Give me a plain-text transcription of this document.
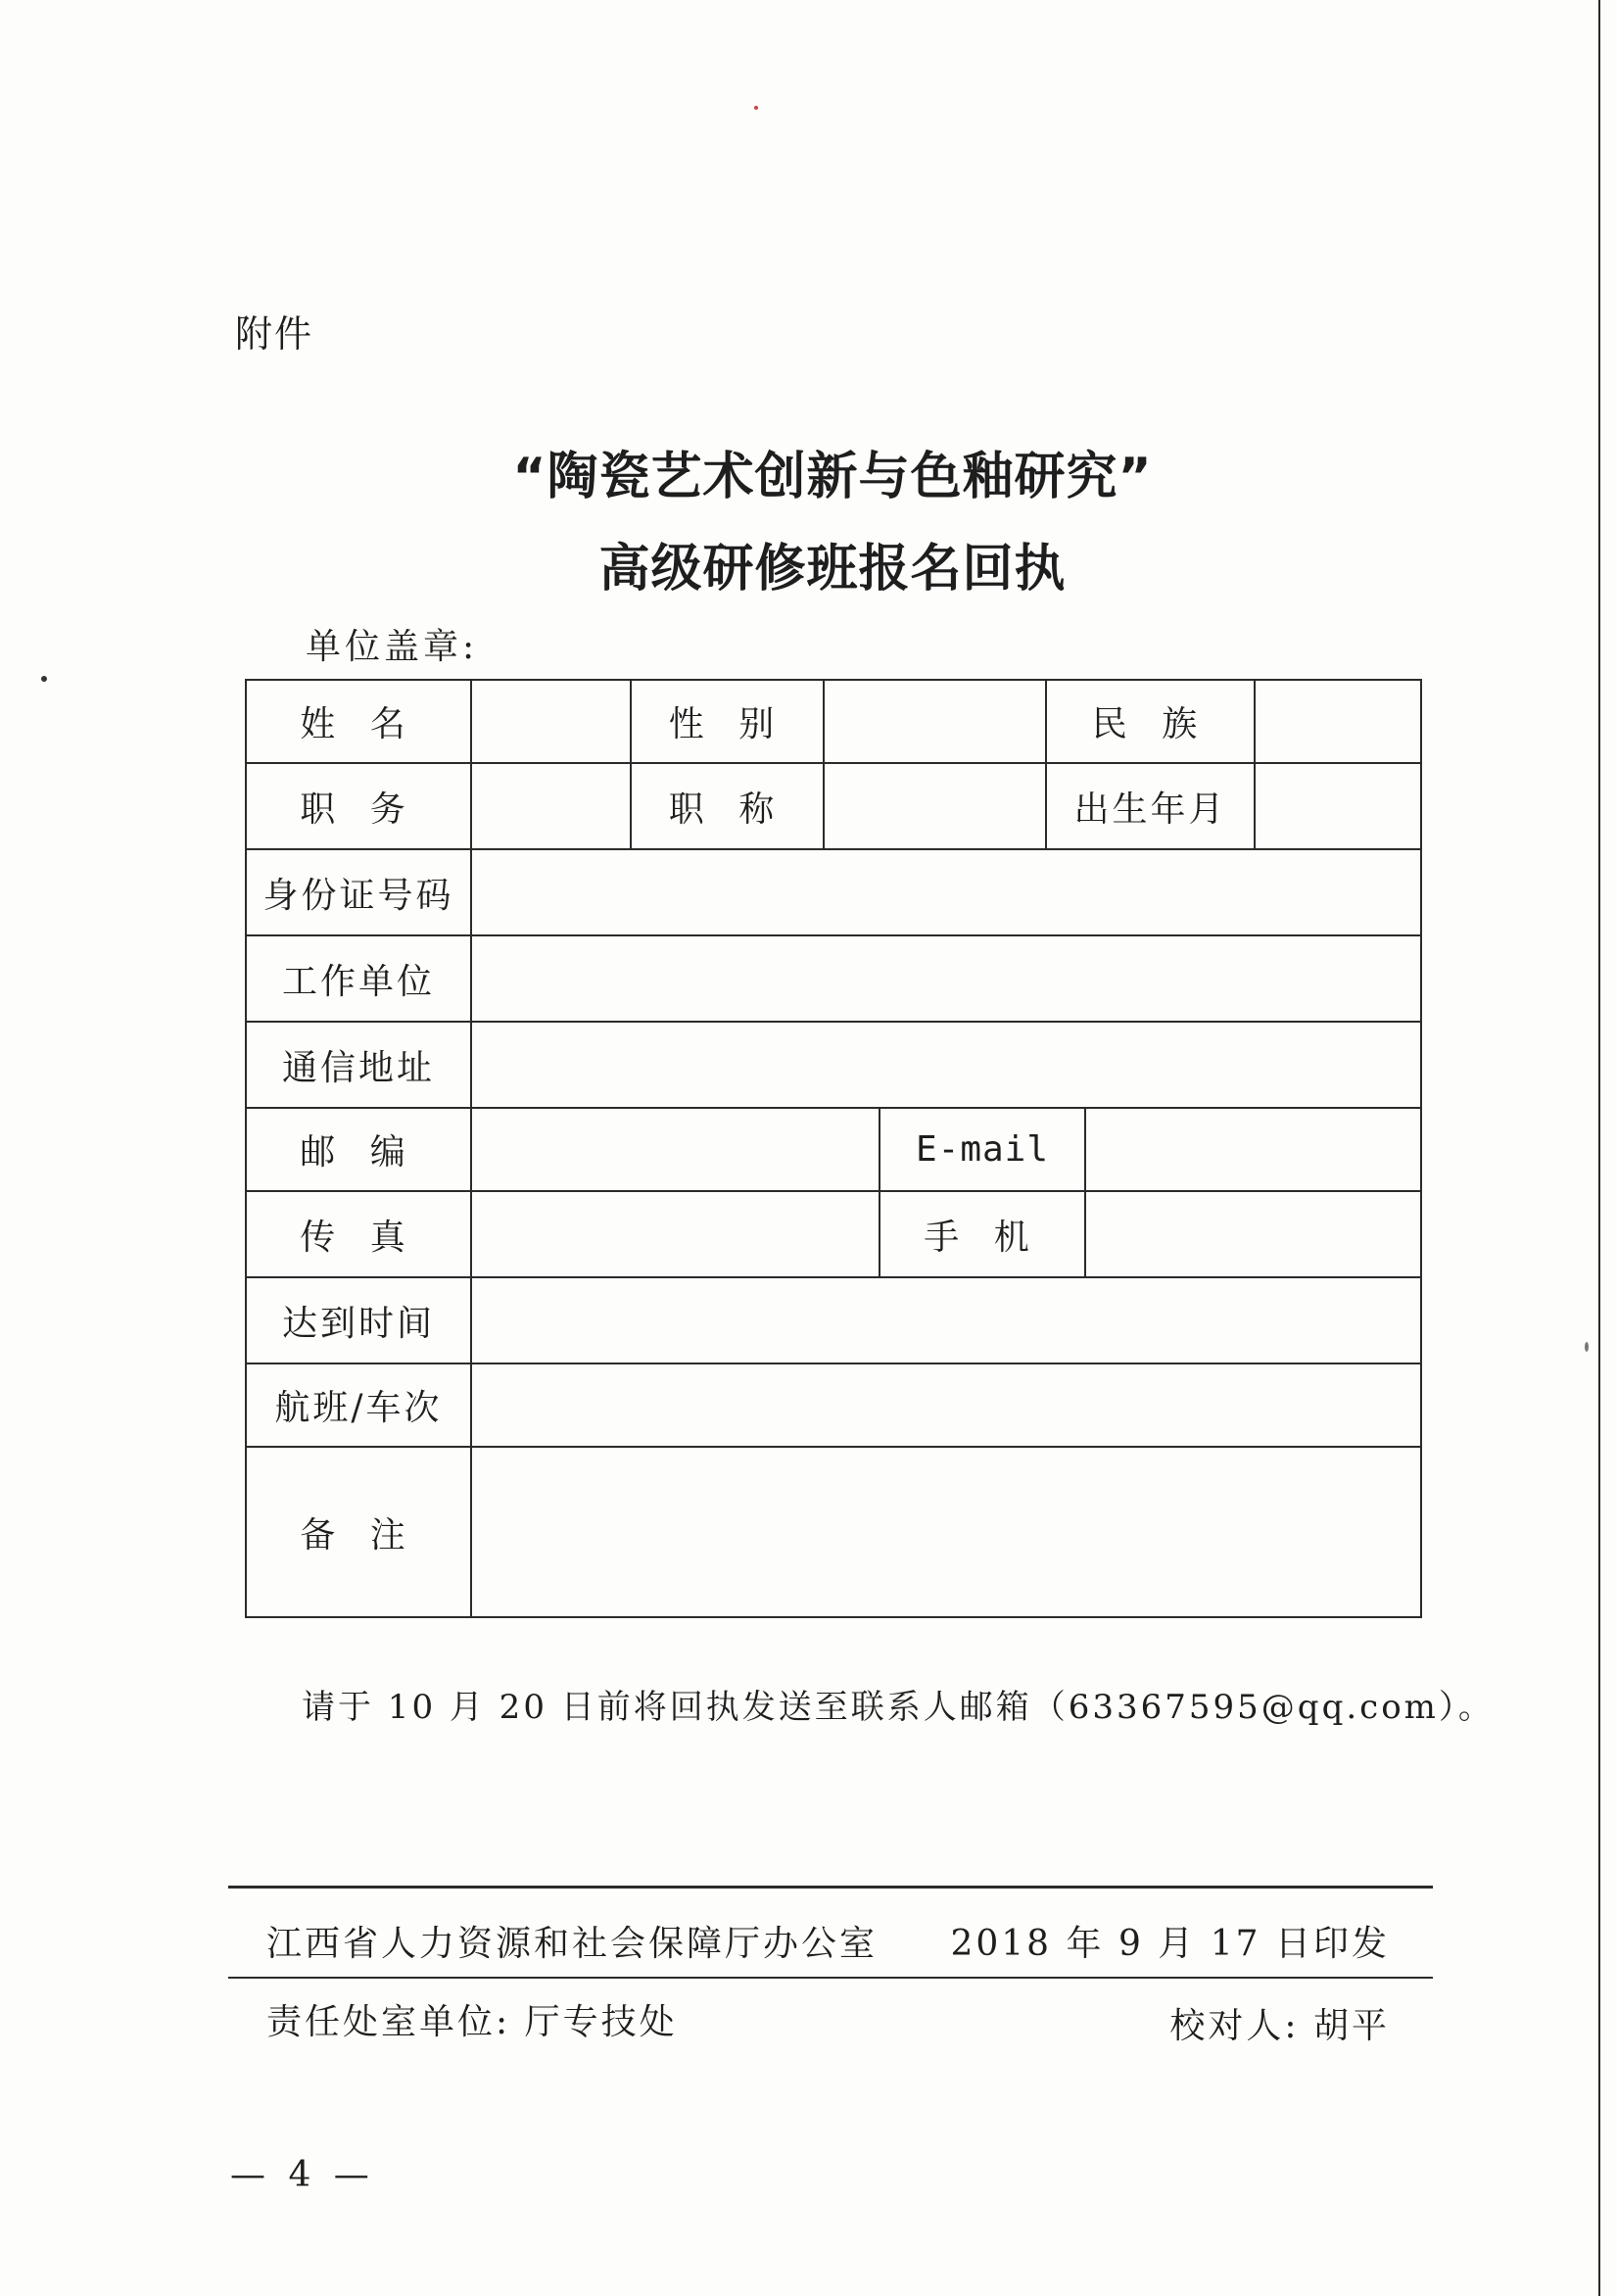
附件
“陶瓷艺术创新与色釉研究”
高级研修班报名回执
单位盖章:
姓 名		性 别			民 族		
职 务		职 称			出生年月		
身份证号码							
工作单位							
通信地址							
邮 编				E-mail			
传 真				手 机			
达到时间							
航班/车次							
备 注							
请于 10 月 20 日前将回执发送至联系人邮箱（63367595@qq.com）。
江西省人力资源和社会保障厅办公室 2018 年 9 月 17 日印发
责任处室单位: 厅专技处	校对人: 胡平
— 4 —
